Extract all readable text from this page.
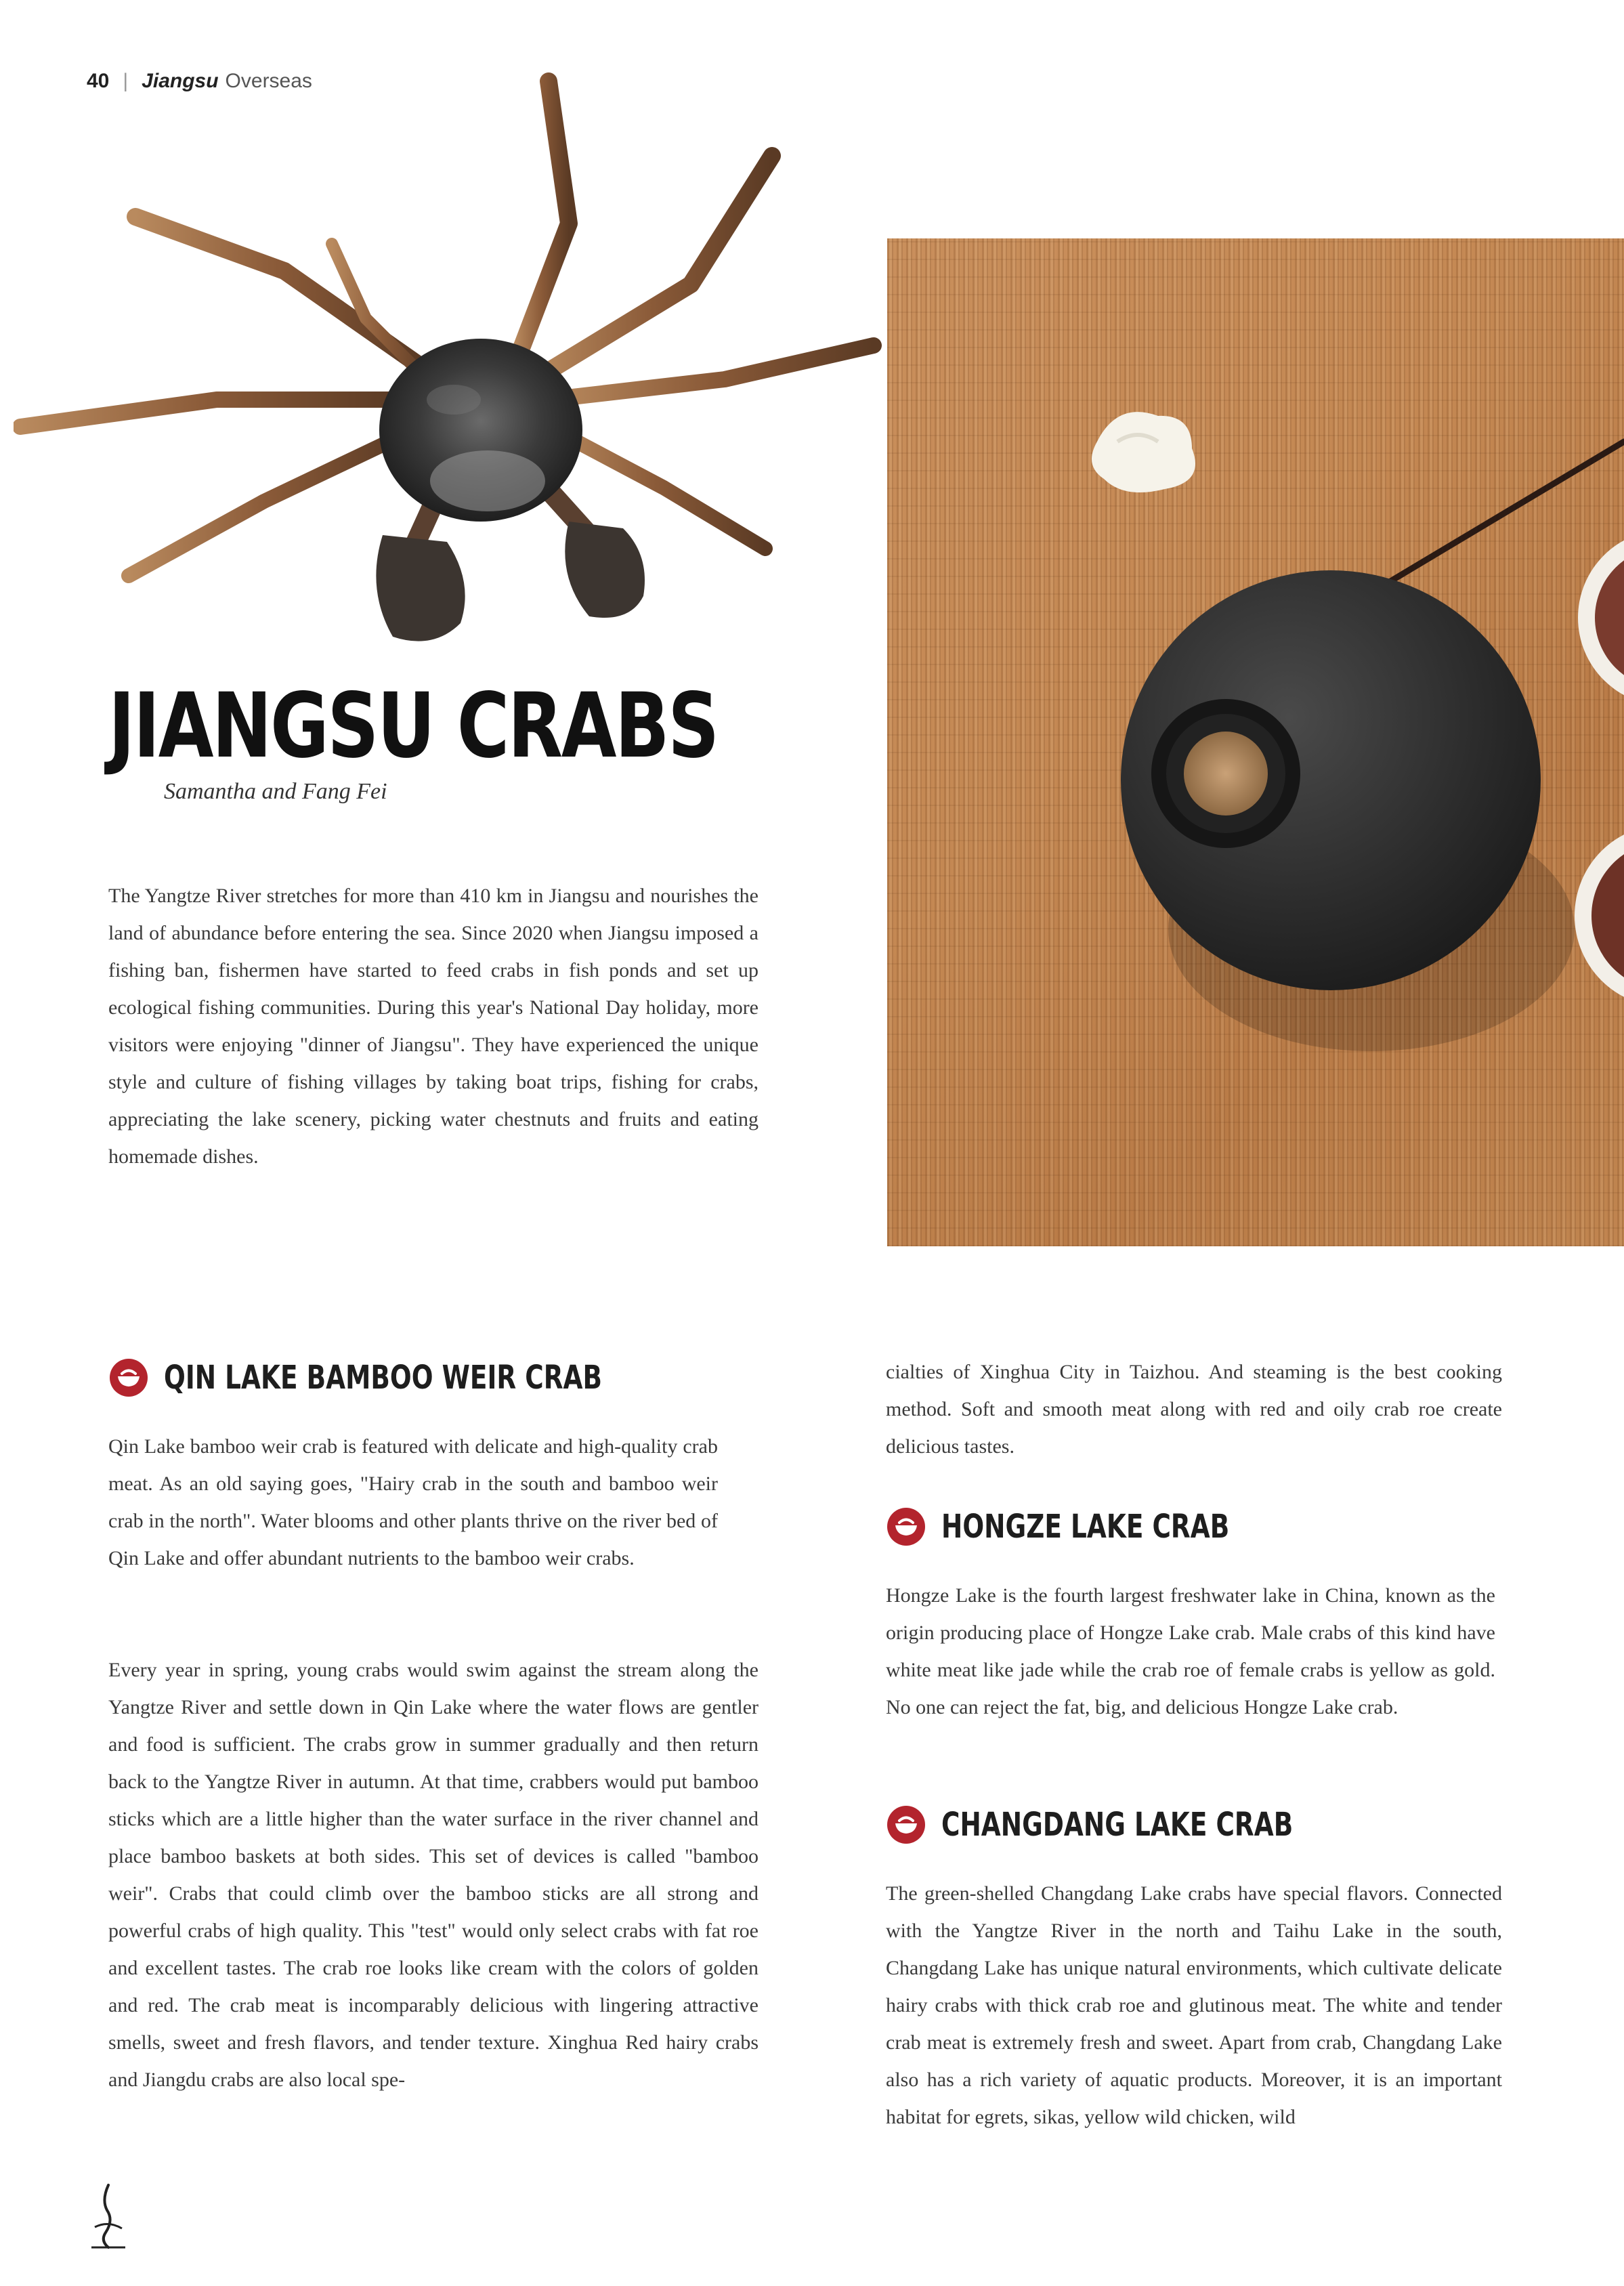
40 | Jiangsu Overseas
JIANGSU CRABS
Samantha and Fang Fei

The Yangtze River stretches for more than 410 km in Jiangsu and nourishes the land of abundance before entering the sea. Since 2020 when Jiangsu imposed a fishing ban, fishermen have started to feed crabs in fish ponds and set up ecological fishing communities. During this year's National Day holiday, more visitors were enjoying "dinner of Jiangsu". They have experienced the unique style and culture of fishing villages by taking boat trips, fishing for crabs, appreciating the lake scenery, picking water chestnuts and fruits and eating homemade dishes.

QIN LAKE BAMBOO WEIR CRAB

Qin Lake bamboo weir crab is featured with delicate and high-quality crab meat. As an old saying goes, "Hairy crab in the south and bamboo weir crab in the north". Water blooms and other plants thrive on the river bed of Qin Lake and offer abundant nutrients to the bamboo weir crabs.

Every year in spring, young crabs would swim against the stream along the Yangtze River and settle down in Qin Lake where the water flows are gentler and food is sufficient. The crabs grow in summer gradually and then return back to the Yangtze River in autumn. At that time, crabbers would put bamboo sticks which are a little higher than the water surface in the river channel and place bamboo baskets at both sides. This set of devices is called "bamboo weir". Crabs that could climb over the bamboo sticks are all strong and powerful crabs of high quality. This "test" would only select crabs with fat roe and excellent tastes. The crab roe looks like cream with the colors of golden and red. The crab meat is incomparably delicious with lingering attractive smells, sweet and fresh flavors, and tender texture. Xinghua Red hairy crabs and Jiangdu crabs are also local spe-

cialties of Xinghua City in Taizhou. And steaming is the best cooking method. Soft and smooth meat along with red and oily crab roe create delicious tastes.

HONGZE LAKE CRAB

Hongze Lake is the fourth largest freshwater lake in China, known as the origin producing place of Hongze Lake crab. Male crabs of this kind have white meat like jade while the crab roe of female crabs is yellow as gold. No one can reject the fat, big, and delicious Hongze Lake crab.

CHANGDANG LAKE CRAB

The green-shelled Changdang Lake crabs have special flavors. Connected with the Yangtze River in the north and Taihu Lake in the south, Changdang Lake has unique natural environments, which cultivate delicate hairy crabs with thick crab roe and glutinous meat. The white and tender crab meat is extremely fresh and sweet. Apart from crab, Changdang Lake also has a rich variety of aquatic products. Moreover, it is an important habitat for egrets, sikas, yellow wild chicken, wild
